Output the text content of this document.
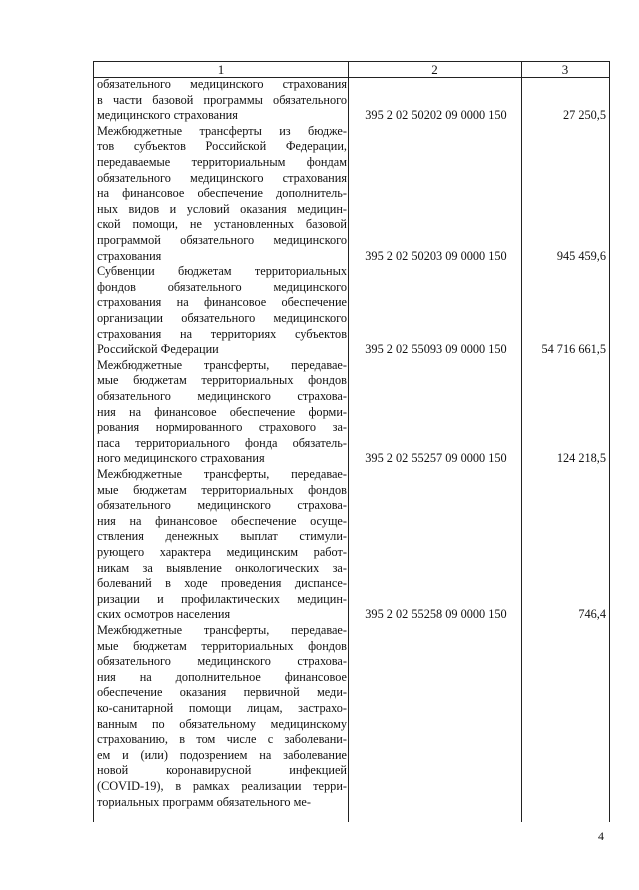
1	2	3
обязательного медицинского страхования
в части базовой программы обязательного
медицинского страхования	395 2 02 50202 09 0000 150	27 250,5
Межбюджетные трансферты из бюдже-
тов субъектов Российской Федерации,
передаваемые территориальным фондам
обязательного медицинского страхования
на финансовое обеспечение дополнитель-
ных видов и условий оказания медицин-
ской помощи, не установленных базовой
программой обязательного медицинского
страхования	395 2 02 50203 09 0000 150	945 459,6
Субвенции бюджетам территориальных
фондов обязательного медицинского
страхования на финансовое обеспечение
организации обязательного медицинского
страхования на территориях субъектов
Российской Федерации	395 2 02 55093 09 0000 150	54 716 661,5
Межбюджетные трансферты, передавае-
мые бюджетам территориальных фондов
обязательного медицинского страхова-
ния на финансовое обеспечение форми-
рования нормированного страхового за-
паса территориального фонда обязатель-
ного медицинского страхования	395 2 02 55257 09 0000 150	124 218,5
Межбюджетные трансферты, передавае-
мые бюджетам территориальных фондов
обязательного медицинского страхова-
ния на финансовое обеспечение осуще-
ствления денежных выплат стимули-
рующего характера медицинским работ-
никам за выявление онкологических за-
болеваний в ходе проведения диспансе-
ризации и профилактических медицин-
ских осмотров населения	395 2 02 55258 09 0000 150	746,4
Межбюджетные трансферты, передавае-
мые бюджетам территориальных фондов
обязательного медицинского страхова-
ния на дополнительное финансовое
обеспечение оказания первичной меди-
ко-санитарной помощи лицам, застрахо-
ванным по обязательному медицинскому
страхованию, в том числе с заболевани-
ем и (или) подозрением на заболевание
новой коронавирусной инфекцией
(COVID-19), в рамках реализации терри-
ториальных программ обязательного ме-
4
